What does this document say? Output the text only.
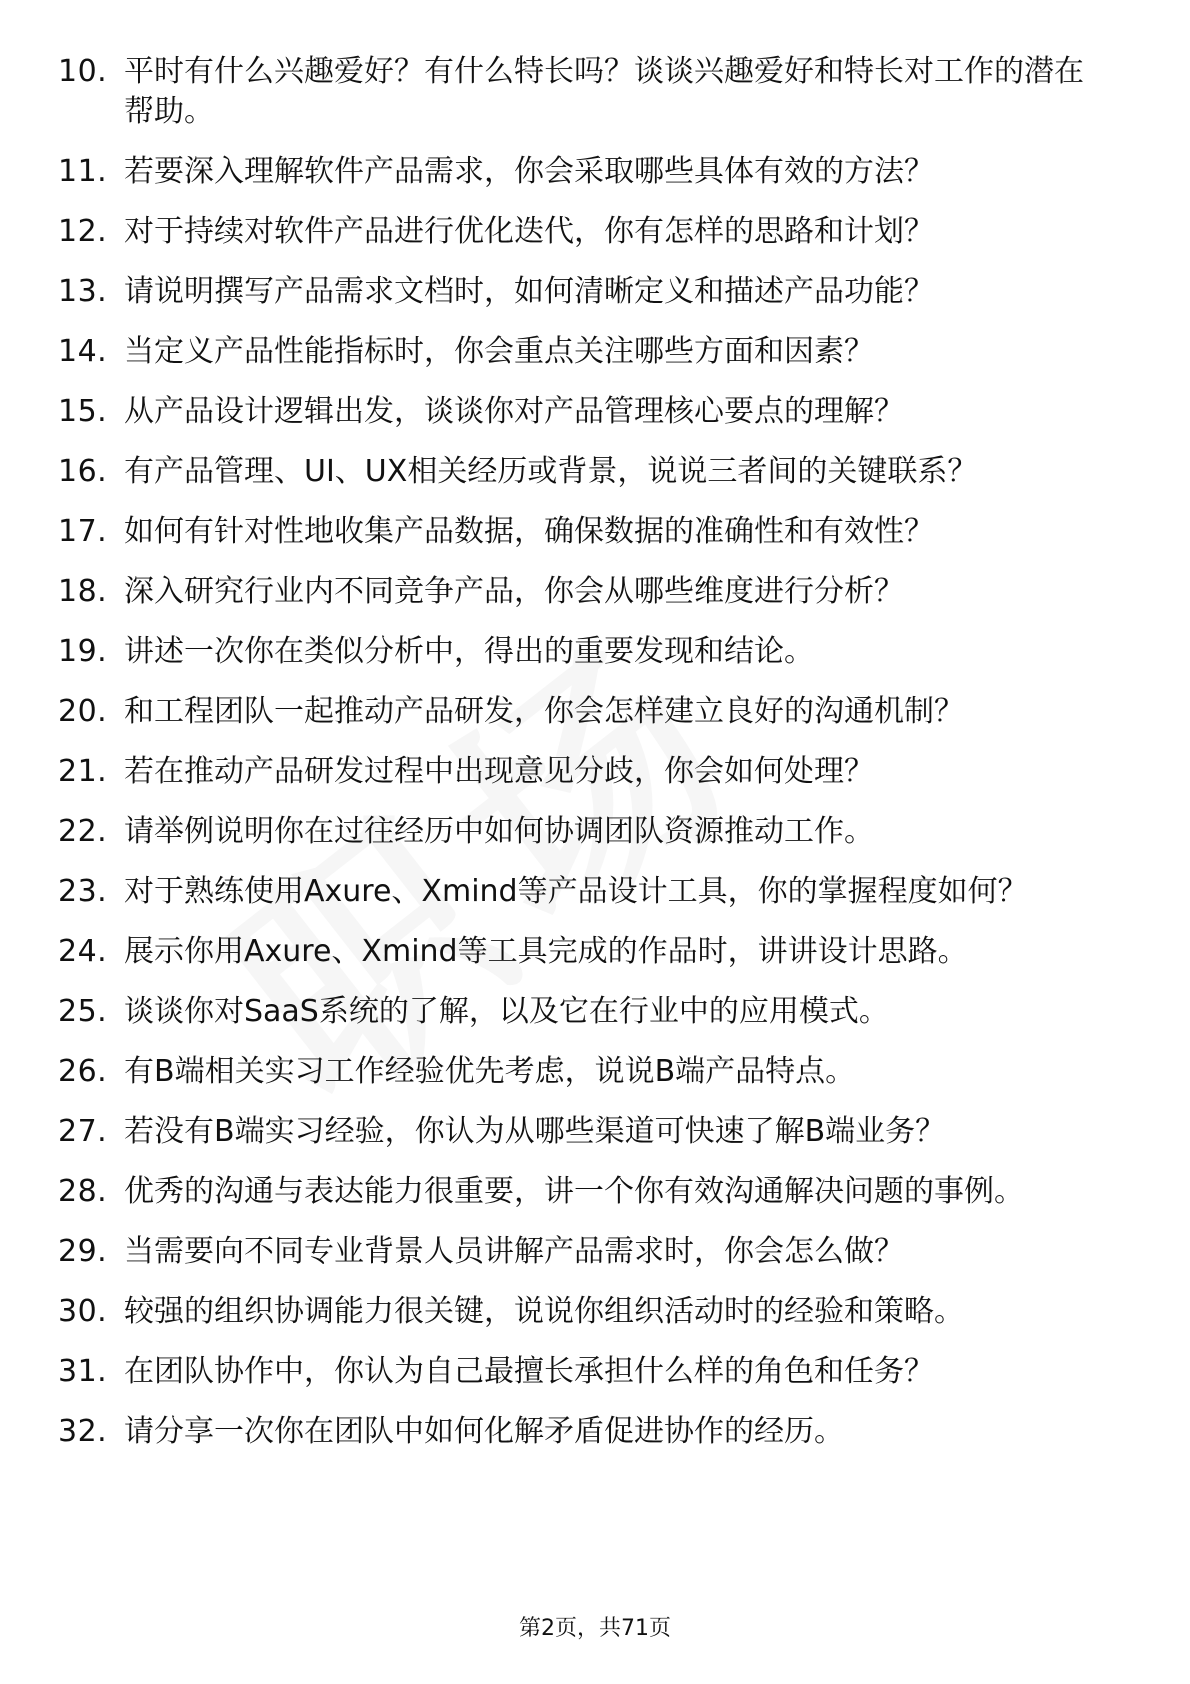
10. 平时有什么兴趣爱好？有什么特长吗？谈谈兴趣爱好和特长对工作的潜在帮助。
11. 若要深入理解软件产品需求，你会采取哪些具体有效的方法？
12. 对于持续对软件产品进行优化迭代，你有怎样的思路和计划？
13. 请说明撰写产品需求文档时，如何清晰定义和描述产品功能？
14. 当定义产品性能指标时，你会重点关注哪些方面和因素？
15. 从产品设计逻辑出发，谈谈你对产品管理核心要点的理解？
16. 有产品管理、UI、UX相关经历或背景，说说三者间的关键联系？
17. 如何有针对性地收集产品数据，确保数据的准确性和有效性？
18. 深入研究行业内不同竞争产品，你会从哪些维度进行分析？
19. 讲述一次你在类似分析中，得出的重要发现和结论。
20. 和工程团队一起推动产品研发，你会怎样建立良好的沟通机制？
21. 若在推动产品研发过程中出现意见分歧，你会如何处理？
22. 请举例说明你在过往经历中如何协调团队资源推动工作。
23. 对于熟练使用Axure、Xmind等产品设计工具，你的掌握程度如何？
24. 展示你用Axure、Xmind等工具完成的作品时，讲讲设计思路。
25. 谈谈你对SaaS系统的了解，以及它在行业中的应用模式。
26. 有B端相关实习工作经验优先考虑，说说B端产品特点。
27. 若没有B端实习经验，你认为从哪些渠道可快速了解B端业务？
28. 优秀的沟通与表达能力很重要，讲一个你有效沟通解决问题的事例。
29. 当需要向不同专业背景人员讲解产品需求时，你会怎么做？
30. 较强的组织协调能力很关键，说说你组织活动时的经验和策略。
31. 在团队协作中，你认为自己最擅长承担什么样的角色和任务？
32. 请分享一次你在团队中如何化解矛盾促进协作的经历。
第2页，共71页
